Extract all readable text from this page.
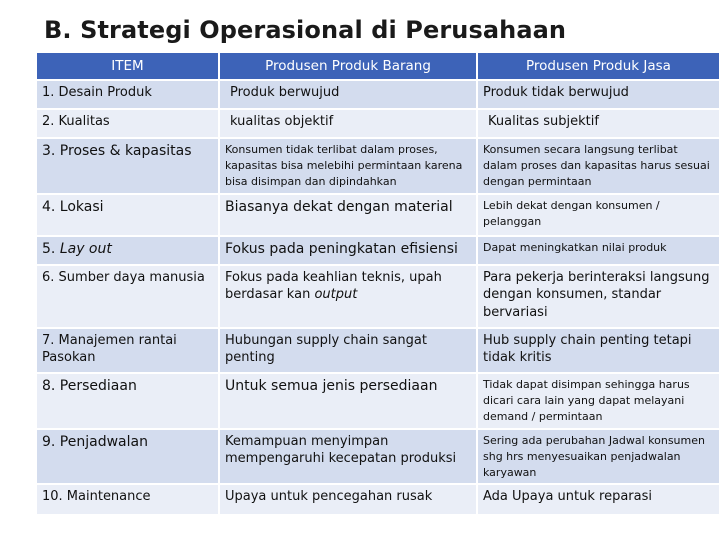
B. Strategi Operasional di Perusahaan
ITEM	Produsen Produk Barang	Produsen Produk Jasa
1. Desain Produk	Produk berwujud	Produk tidak berwujud
2. Kualitas	kualitas objektif	Kualitas subjektif
3. Proses & kapasitas	Konsumen tidak terlibat dalam proses, kapasitas bisa melebihi permintaan karena bisa disimpan dan dipindahkan	Konsumen secara langsung terlibat dalam proses dan kapasitas harus sesuai dengan permintaan
4. Lokasi	Biasanya dekat dengan material	Lebih dekat dengan konsumen / pelanggan
5. Lay out	Fokus pada peningkatan efisiensi	Dapat meningkatkan nilai produk
6. Sumber daya manusia	Fokus pada keahlian teknis, upah berdasar kan output	Para pekerja berinteraksi langsung dengan konsumen, standar bervariasi
7. Manajemen rantai Pasokan	Hubungan supply chain sangat penting	Hub supply chain penting tetapi tidak kritis
8. Persediaan	Untuk semua jenis persediaan	Tidak dapat disimpan sehingga harus dicari cara lain yang dapat melayani demand / permintaan
9. Penjadwalan	Kemampuan menyimpan mempengaruhi kecepatan produksi	Sering ada perubahan Jadwal konsumen shg hrs menyesuaikan penjadwalan karyawan
10. Maintenance	Upaya untuk pencegahan rusak	Ada Upaya untuk reparasi
